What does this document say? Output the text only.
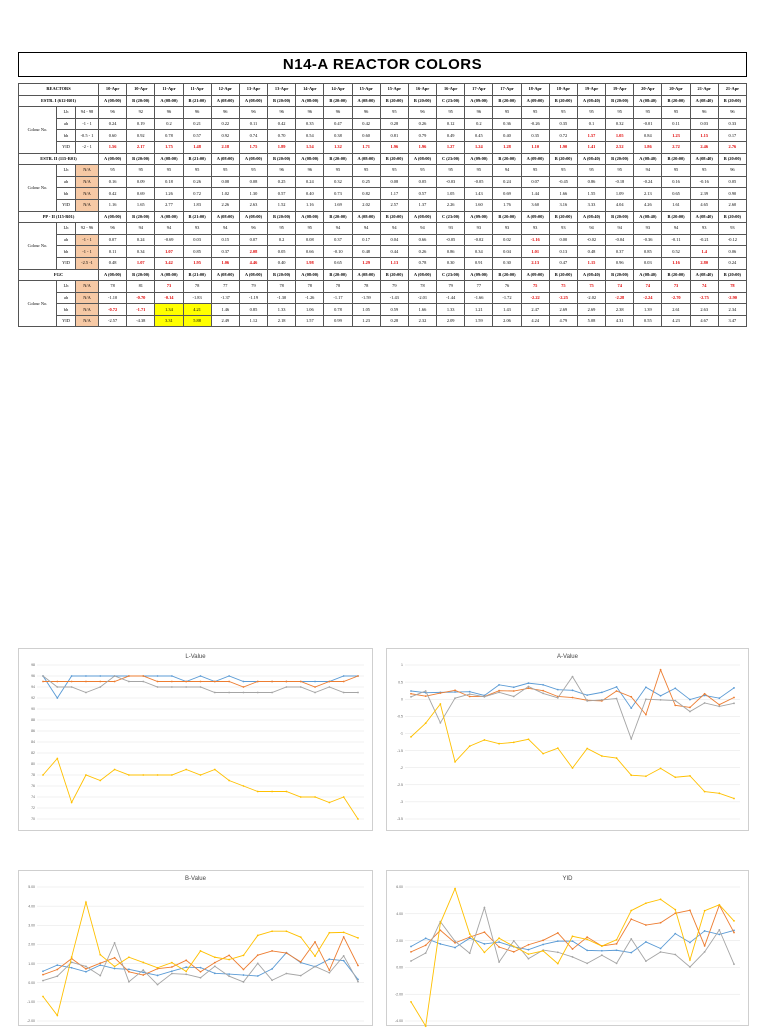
N14-A REACTOR COLORS
REACTORS			10-Apr	10-Apr	11-Apr	11-Apr	12-Apr	13-Apr	13-Apr	14-Apr	14-Apr	15-Apr	15-Apr	16-Apr	16-Apr	17-Apr	17-Apr	18-Apr	18-Apr	19-Apr	19-Apr	20-Apr	20-Apr	21-Apr	21-Apr
ESTR. I (612-R01)			A (08:00)	B (20:00)	A (08:00)	B (21:00)	A (08:00)	A (08:00)	B (20:00)	A (08:00)	B (20:00)	A (08:00)	B (20:00)	B (20:00)	C (23:00)	A (09:00)	B (20:00)	A (09:00)	B (20:00)	A (08:40)	B (20:00)	A (08:40)	B (20:00)	A (08:40)	B (20:00)
Colour No.	Lh	94 - 98	96	92	96	96	96	96	96	96	96	96	95	96	95	96	95	95	95	95	95	95	95	96	96
	ah	-1 - 1	0.24	0.19	0.2	0.21	0.22	0.11	0.42	0.35	0.47	0.42	0.28	0.26	0.12	0.2	0.36	-0.26	0.35	0.1	0.32	-0.01	0.11	0.03	0.33
	bh	-0.5 - 1	0.60	0.92	0.78	0.57	0.92	0.74	0.70	0.54	0.38	0.60	0.81	0.79	0.49	0.45	0.40	0.35	0.72	1.57	1.05	0.84	1.23	1.15	0.17
	YID	-2 - 1	1.56	2.17	1.75	1.48	2.18	1.75	1.89	1.54	1.32	1.71	1.96	1.96	1.27	1.24	1.28	1.10	1.90	1.41	2.52	1.86	2.72	2.46	2.76
ESTR. II (115-R01)			A (08:00)	B (20:00)	A (08:00)	B (21:00)	A (08:00)	A (08:00)	B (20:00)	A (08:00)	B (20:00)	A (08:00)	B (20:00)	A (08:00)	C (23:00)	A (09:00)	B (20:00)	A (09:00)	B (20:00)	A (08:40)	B (20:00)	A (08:40)	B (20:00)	A (08:40)	B (20:00)
Colour No.	Lh	N/A	95	95	95	95	95	95	96	96	95	95	95	95	95	95	94	95	95	95	95	94	95	95	96
	ah	N/A	0.16	0.09	0.18	0.26	0.08	0.08	0.25	0.24	0.32	0.25	0.08	0.05	-0.03	-0.05	0.24	0.07	-0.45	0.86	-0.18	-0.24	0.16	-0.16	0.05
	bh	N/A	0.42	0.69	1.26	0.72	1.02	1.30	0.57	0.40	0.73	0.82	1.17	0.57	1.05	1.43	0.69	1.44	1.66	1.55	1.09	2.13	0.65	2.39	0.90
	YID	N/A	1.16	1.65	2.77	1.83	2.26	2.63	1.52	1.16	1.69	2.02	2.57	1.37	2.26	1.60	1.76	3.60	3.16	3.33	4.04	4.26	1.61	4.65	2.60
PP - II (115-R01)			A (08:00)	B (20:00)	A (08:00)	B (21:00)	A (08:00)	A (08:00)	B (20:00)	A (08:00)	B (20:00)	A (08:00)	B (20:00)	A (08:00)	C (23:00)	A (09:00)	B (20:00)	A (09:00)	B (20:00)	A (08:40)	B (20:00)	A (08:40)	B (20:00)	A (08:40)	B (20:00)
Colour No.	Lh	92 - 96	96	94	94	93	94	96	95	95	94	94	94	94	93	93	93	93	93	94	94	93	94	93	93
	ah	-1 - 1	0.07	0.24	-0.69	0.03	0.15	0.07	0.2	0.08	0.37	0.17	0.04	0.66	-0.05	-0.02	0.02	-1.16	0.00	-0.02	-0.04	-0.36	-0.11	-0.21	-0.12
	bh	-1 - 1	0.11	0.34	1.07	0.85	0.37	2.08	0.05	0.66	-0.10	0.48	0.44	0.26	0.86	0.34	0.04	1.01	0.13	0.48	0.37	0.85	0.52	1.4	0.06
	YID	-2.5 -1	0.48	1.07	3.42	1.95	1.06	4.46	0.40	1.98	0.65	1.29	1.13	0.78	0.30	0.91	0.30	2.13	0.47	1.15	0.96	0.03	1.16	2.80	0.24
FGC			A (08:00)	B (20:00)	A (08:00)	B (21:00)	A (08:00)	A (08:00)	B (20:00)	A (08:00)	B (20:00)	A (08:00)	B (20:00)	A (08:00)	C (23:00)	A (09:00)	B (20:00)	A (09:00)	B (20:00)	A (08:40)	B (20:00)	A (08:40)	B (20:00)	A (08:40)	B (20:00)
Colour No.	Lh	N/A	78	81	73	78	77	79	78	78	78	78	79	78	79	77	76	75	75	75	74	74	73	74	78
	ah	N/A	-1.10	-0.70	-0.14	-1.83	-1.37	-1.19	-1.30	-1.26	-1.17	-1.59	-1.43	-2.01	-1.44	-1.66	-1.72	-2.22	-2.25	-2.02	-2.28	-2.24	-2.70	-2.75	-2.90
	bh	N/A	-0.72	-1.71	1.34	4.21	1.46	0.85	1.33	1.06	0.78	1.05	0.59	1.66	1.33	1.21	1.43	2.47	2.69	2.69	2.38	1.39	2.61	2.63	2.34
	YID	N/A	-2.57	-4.38	3.31	5.88	2.49	1.12	2.18	1.57	0.99	1.23	0.28	2.32	2.09	1.59	2.06	4.24	4.79	5.08	4.31	0.55	4.23	4.67	3.47
L-Value
98
96
94
92
90
88
86
84
82
80
78
76
74
72
70
A-Value
1
0.5
0
-0.5
-1
-1.5
-2
-2.5
-3
-3.5
B-Value
5.00
4.00
3.00
2.00
1.00
0.00
-1.00
-2.00
YID
6.00
4.00
2.00
0.00
-2.00
-4.00
